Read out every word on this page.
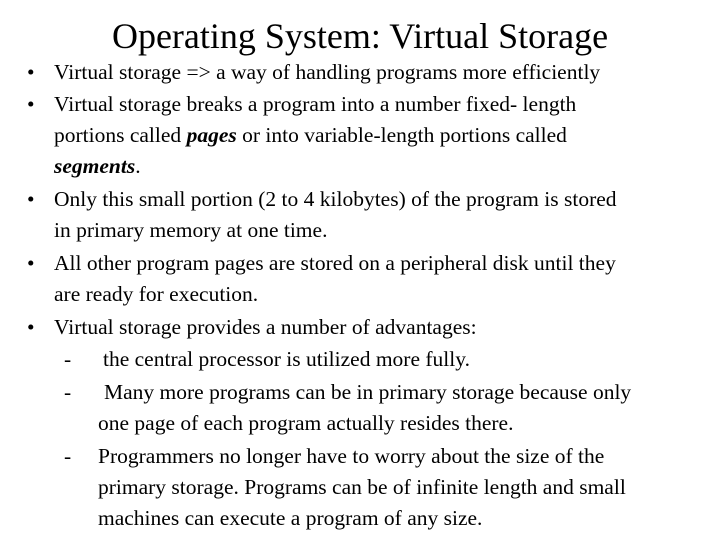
Operating System: Virtual Storage
• Virtual storage => a way of handling programs more efficiently
• Virtual storage breaks a program into a number fixed- length
portions called pages or into variable-length portions called
segments.
• Only this small portion (2 to 4 kilobytes) of the program is stored
in primary memory at one time.
• All other program pages are stored on a peripheral disk until they
are ready for execution.
• Virtual storage provides a number of advantages:
- the central processor is utilized more fully.
- Many more programs can be in primary storage because only
one page of each program actually resides there.
- Programmers no longer have to worry about the size of the
primary storage. Programs can be of infinite length and small
machines can execute a program of any size.
